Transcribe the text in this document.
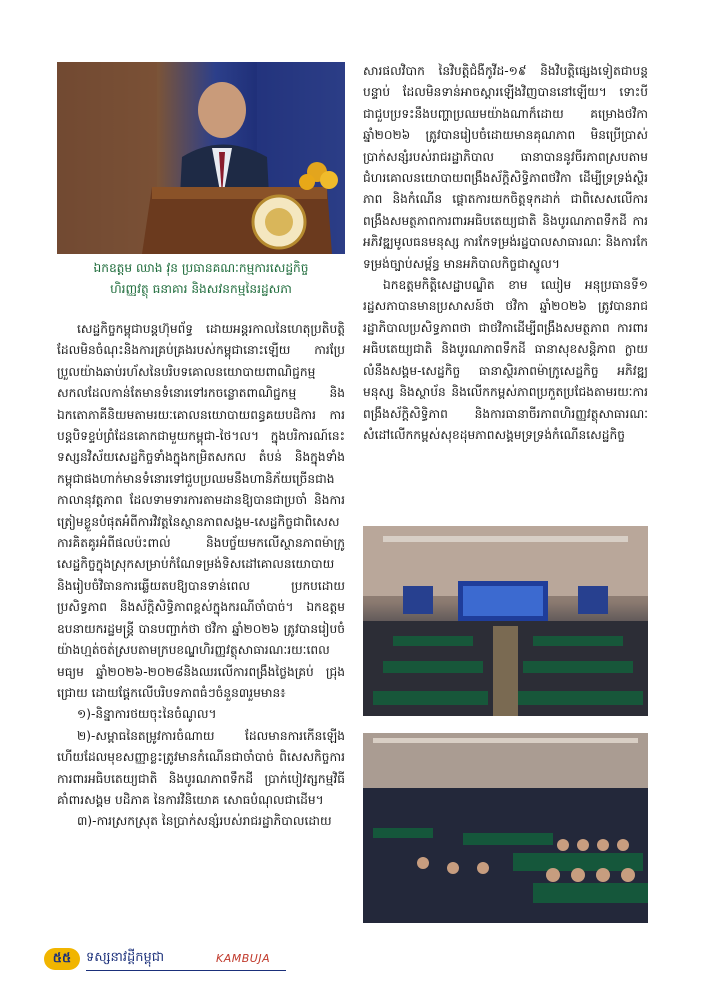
ឯកឧត្តម ឈាង វុន ប្រធានគណៈកម្មការសេដ្ឋកិច្ច
ហិរញ្ញវត្ថុ ធនាគារ និងសវនកម្មនៃរដ្ឋសភា

សេដ្ឋកិច្ចកម្ពុជាបន្តហ៊ុមព័ទ្ធ ដោយអន្តរកាលនៃហេតុប្រតិបត្តិដែលមិនចំណុះនិងការគ្រប់គ្រងរបស់កម្ពុជានោះឡើយ ការប្រែប្រួលយ៉ាងឆាប់រហ័សនៃបរិបទគោលនយោបាយពាណិជ្ជកម្មសកលដែលកាន់តែមានទំនោរទៅរកចន្លោតពាណិជ្ជកម្ម និងឯកតោភាគីនិយមតាមរយៈគោលនយោបាយពន្ធគយបដិការ ការបន្តបិទខ្ទប់ព្រំដែនគោកជាមួយកម្ពុជា-ថៃ។ល។ ក្នុងបរិការណ៍នេះទស្សនវិស័យសេដ្ឋកិច្ចទាំងក្នុងកម្រិតសកល តំបន់ និងក្នុងទាំងកម្ពុជាផងហាក់មានទំនោរទៅជួបប្រឈមនឹងហានិភ័យច្រើនជាងកាលានុវត្តភាព ដែលទាមទារការតាមដានឱ្យបានជាប្រចាំ និងការត្រៀមខ្លួនបំផុតអំពីការវិវត្តនៃស្ថានភាពសង្គម-សេដ្ឋកិច្ចជាពិសេសការគិតគូរអំពីផលប៉ះពាល់ និងបច្ច័យមកលើស្ថានភាពម៉ាក្រូសេដ្ឋកិច្ចក្នុងស្រុកសម្រាប់កំណែទម្រង់ទិសដៅគោលនយោបាយ និងរៀបចំវិធានការឆ្លើយតបឱ្យបានទាន់ពេល ប្រកបដោយប្រសិទ្ធភាព និងស័ក្តិសិទ្ធិភាពខ្ពស់ក្នុងករណីចាំបាច់។ ឯកឧត្តមឧបនាយករដ្ឋមន្ត្រី បានបញ្ជាក់ថា ថវិកា ឆ្នាំ២០២៦ ត្រូវបានរៀបចំយ៉ាងហ្មត់ចត់ស្របតាមក្របខណ្ឌហិរញ្ញវត្ថុសាធារណៈរយៈពេលមធ្យម ឆ្នាំ២០២៦-២០២៨និងឈរលើការពង្រឹងថ្លៃងគ្រប់ ជ្រុងជ្រោយ ដោយផ្តែកលើបរិបទភាពធំៗចំនួន៣រួមមាន៖

១)-និន្នាការថយចុះនៃចំណូល។

២)-សម្ពាធនៃតម្រូវការចំណាយ ដែលមានការកើនឡើងហើយដែលមុខសញ្ញាខ្លះត្រូវមានកំណើនជាចាំបាច់ ពិសេសកិច្ចការការពារអធិបតេយ្យជាតិ និងបូរណភាពទឹកដី ប្រាក់បៀវត្សកម្មវិធីគាំពារសង្គម បដិភាគ នៃការវិនិយោគ សោធបំណុលជាដើម។

៣)-ការស្រកស្រុត នៃប្រាក់សន្សំរបស់រាជរដ្ឋាភិបាលដោយ

សារផលវិបាក នៃវិបត្តិជំងឺកូវីដ-១៩ និងវិបត្តិផ្សេងទៀតជាបន្តបន្ទាប់ ដែលមិនទាន់អាចស្តារឡើងវិញបាននៅឡើយ។ ទោះបីជាជួបប្រទះនឹងបញ្ហាប្រឈមយ៉ាងណាក៏ដោយ គម្រោងថវិកា ឆ្នាំ២០២៦ ត្រូវបានរៀបចំដោយមានគុណភាព មិនប្រើប្រាស់ប្រាក់សន្សំរបស់រាជរដ្ឋាភិបាល ធានាបាននូវចីរភាពស្របតាមជំហរគោលនយោបាយពង្រឹងស័ក្តិសិទ្ធិភាពថវិកា ដើម្បីទ្រទ្រង់ស្ថិរភាព និងកំណើន ផ្តោតការយកចិត្តទុកដាក់ ជាពិសេសលើការពង្រឹងសមត្ថភាពការពារអធិបតេយ្យជាតិ និងបូរណភាពទឹកដី ការអភិវឌ្ឍមូលធនមនុស្ស ការកែទម្រង់រដ្ឋបាលសាធារណៈ និងការកែទម្រង់ច្បាប់សម្ព័ន្ធ មានអភិបាលកិច្ចជាស្នូល។

ឯកឧត្តមកិត្តិសេដ្ឋាបណ្ឌិត ខាម ឈៀម អនុប្រធានទី១ រដ្ឋសភាបានមានប្រសាសន៍ថា ថវិកា ឆ្នាំ២០២៦ ត្រូវបានរាជរដ្ឋាភិបាលប្រសិទ្ធភាពថា ជាថវិកាដើម្បីពង្រឹងសមត្ថភាព ការពារអធិបតេយ្យជាតិ និងបូរណភាពទឹកដី ធានាសុខសន្តិភាព ក្លាយលំនឹងសង្គម-សេដ្ឋកិច្ច ធានាស្ថិរភាពម៉ាក្រូសេដ្ឋកិច្ច អភិវឌ្ឍមនុស្ស និងស្ថាប័ន និងលើកកម្ពស់ភាពប្រកួតប្រជែងតាមរយៈការពង្រឹងស័ក្តិសិទ្ធិភាព និងការធានាចីរភាពហិរញ្ញវត្ថុសាធារណៈសំដៅលើកកម្ពស់សុខដុមភាពសង្គមទ្រទ្រង់កំណើនសេដ្ឋកិច្ច

៥៥	ទស្សនាវដ្តីកម្ពុជា	KAMBUJA
